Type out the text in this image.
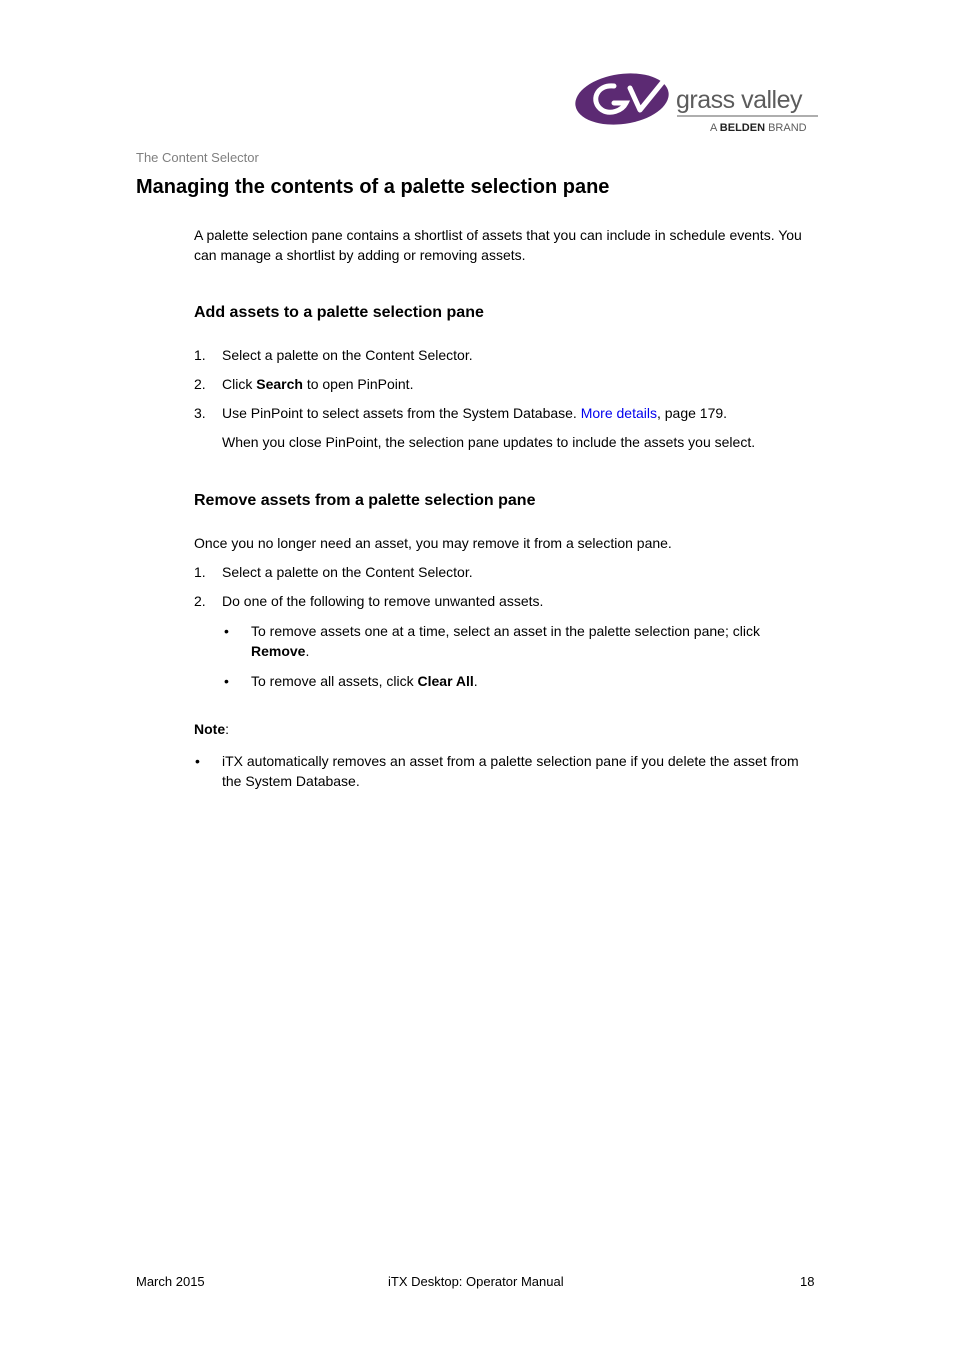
grass valley
A BELDEN BRAND
The Content Selector
Managing the contents of a palette selection pane
A palette selection pane contains a shortlist of assets that you can include in schedule events. You can manage a shortlist by adding or removing assets.
Add assets to a palette selection pane
1. Select a palette on the Content Selector.
2. Click Search to open PinPoint.
3. Use PinPoint to select assets from the System Database. More details, page 179.
When you close PinPoint, the selection pane updates to include the assets you select.
Remove assets from a palette selection pane
Once you no longer need an asset, you may remove it from a selection pane.
1. Select a palette on the Content Selector.
2. Do one of the following to remove unwanted assets.
• To remove assets one at a time, select an asset in the palette selection pane; click Remove.
• To remove all assets, click Clear All.
Note:
• iTX automatically removes an asset from a palette selection pane if you delete the asset from the System Database.
March 2015	iTX Desktop: Operator Manual	18
